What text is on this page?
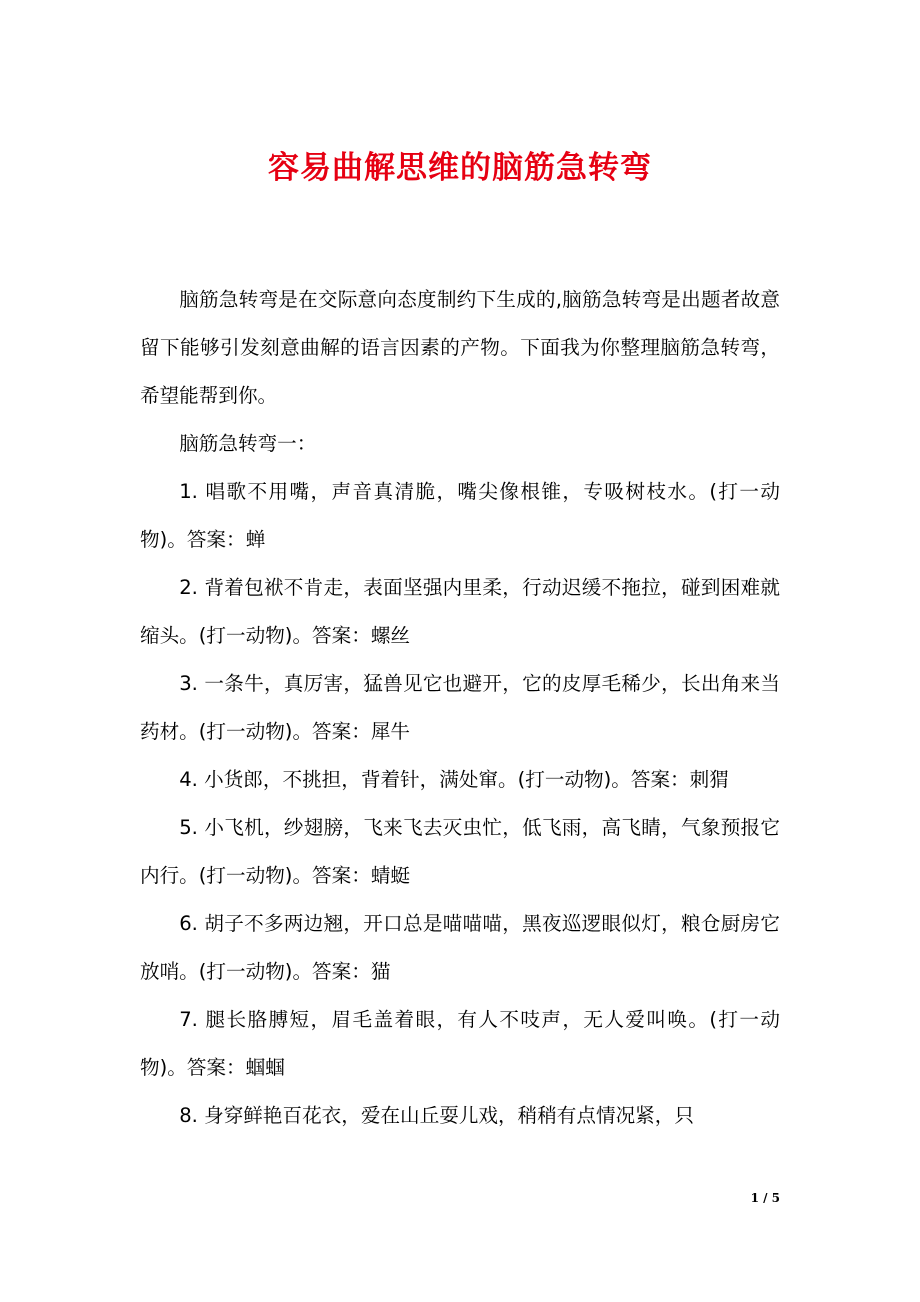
容易曲解思维的脑筋急转弯

脑筋急转弯是在交际意向态度制约下生成的,脑筋急转弯是出题者故意留下能够引发刻意曲解的语言因素的产物。下面我为你整理脑筋急转弯，希望能帮到你。

脑筋急转弯一：

1. 唱歌不用嘴，声音真清脆，嘴尖像根锥，专吸树枝水。(打一动物)。答案：蝉

2. 背着包袱不肯走，表面坚强内里柔，行动迟缓不拖拉，碰到困难就缩头。(打一动物)。答案：螺丝

3. 一条牛，真厉害，猛兽见它也避开，它的皮厚毛稀少，长出角来当药材。(打一动物)。答案：犀牛

4. 小货郎，不挑担，背着针，满处窜。(打一动物)。答案：刺猬

5. 小飞机，纱翅膀，飞来飞去灭虫忙，低飞雨，高飞睛，气象预报它内行。(打一动物)。答案：蜻蜓

6. 胡子不多两边翘，开口总是喵喵喵，黑夜巡逻眼似灯，粮仓厨房它放哨。(打一动物)。答案：猫

7. 腿长胳膊短，眉毛盖着眼，有人不吱声，无人爱叫唤。(打一动物)。答案：蝈蝈

8. 身穿鲜艳百花衣，爱在山丘耍儿戏，稍稍有点情况紧，只

1 / 5
